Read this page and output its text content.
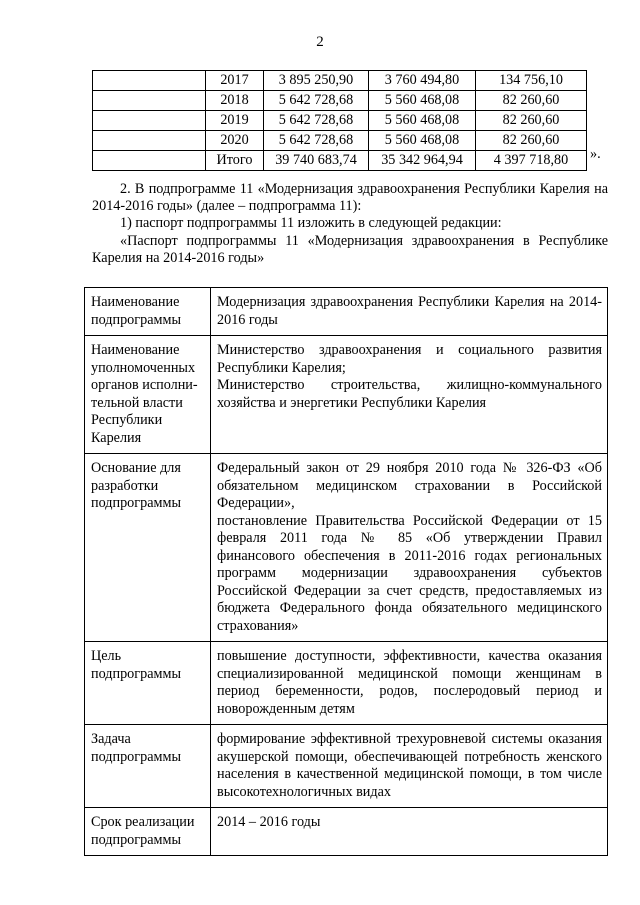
2
	2017	3 895 250,90	3 760 494,80	134 756,10
	2018	5 642 728,68	5 560 468,08	82 260,60
	2019	5 642 728,68	5 560 468,08	82 260,60
	2020	5 642 728,68	5 560 468,08	82 260,60
	Итого	39 740 683,74	35 342 964,94	4 397 718,80 ».
2. В подпрограмме 11 «Модернизация здравоохранения Республики Карелия на 2014-2016 годы» (далее – подпрограмма 11):
1) паспорт подпрограммы 11 изложить в следующей редакции:
«Паспорт подпрограммы 11 «Модернизация здравоохранения в Республике Карелия на 2014-2016 годы»
Наименование подпрограммы	Модернизация здравоохранения Республики Карелия на 2014-2016 годы
Наименование уполномоченных органов исполни-тельной власти Республики Карелия	Министерство здравоохранения и социального развития Республики Карелия;
Министерство строительства, жилищно-коммунального хозяйства и энергетики Республики Карелия

Основание для разработки подпрограммы	Федеральный закон от 29 ноября 2010 года № 326-ФЗ «Об обязательном медицинском страховании в Российской Федерации»,
постановление Правительства Российской Федерации от 15 февраля 2011 года № 85 «Об утверждении Правил финансового обеспечения в 2011-2016 годах региональных программ модернизации здравоохранения субъектов Российской Федерации за счет средств, предоставляемых из бюджета Федерального фонда обязательного медицинского страхования»

Цель подпрограммы	повышение доступности, эффективности, качества оказания специализированной медицинской помощи женщинам в период беременности, родов, послеродовый период и новорожденным детям
Задача подпрограммы	формирование эффективной трехуровневой системы оказания акушерской помощи, обеспечивающей потребность женского населения в качественной медицинской помощи, в том числе высокотехнологичных видах
Срок реализации подпрограммы	2014 – 2016 годы
